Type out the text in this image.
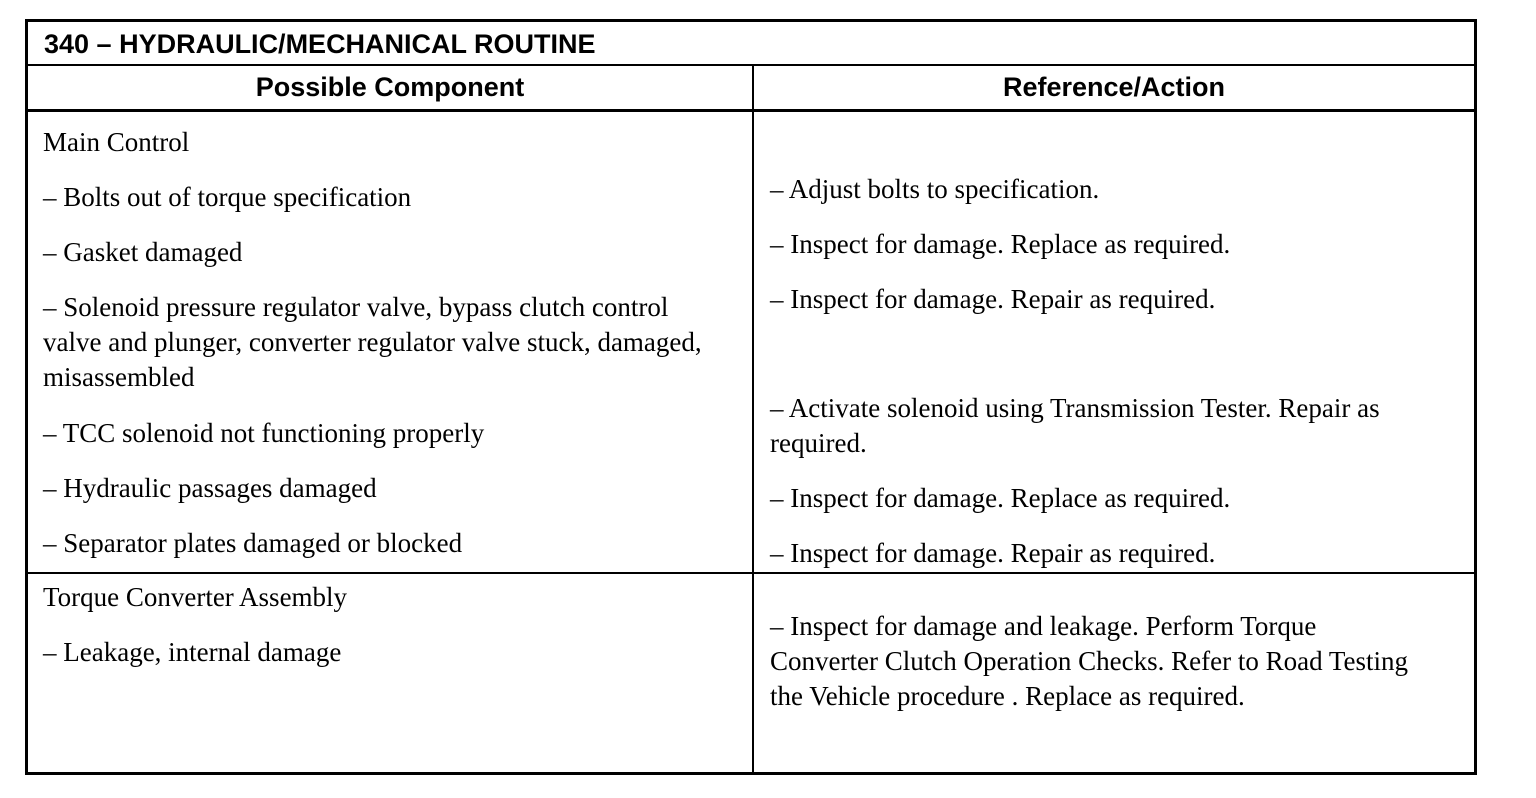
340 – HYDRAULIC/MECHANICAL ROUTINE
Possible Component	Reference/Action
Main Control
– Bolts out of torque specification
– Gasket damaged
– Solenoid pressure regulator valve, bypass clutch control valve and plunger, converter regulator valve stuck, damaged, misassembled
– TCC solenoid not functioning properly
– Hydraulic passages damaged
– Separator plates damaged or blocked
– Adjust bolts to specification.
– Inspect for damage. Replace as required.
– Inspect for damage. Repair as required.
– Activate solenoid using Transmission Tester. Repair as required.
– Inspect for damage. Replace as required.
– Inspect for damage. Repair as required.
Torque Converter Assembly
– Leakage, internal damage
– Inspect for damage and leakage. Perform Torque Converter Clutch Operation Checks. Refer to Road Testing the Vehicle procedure . Replace as required.
